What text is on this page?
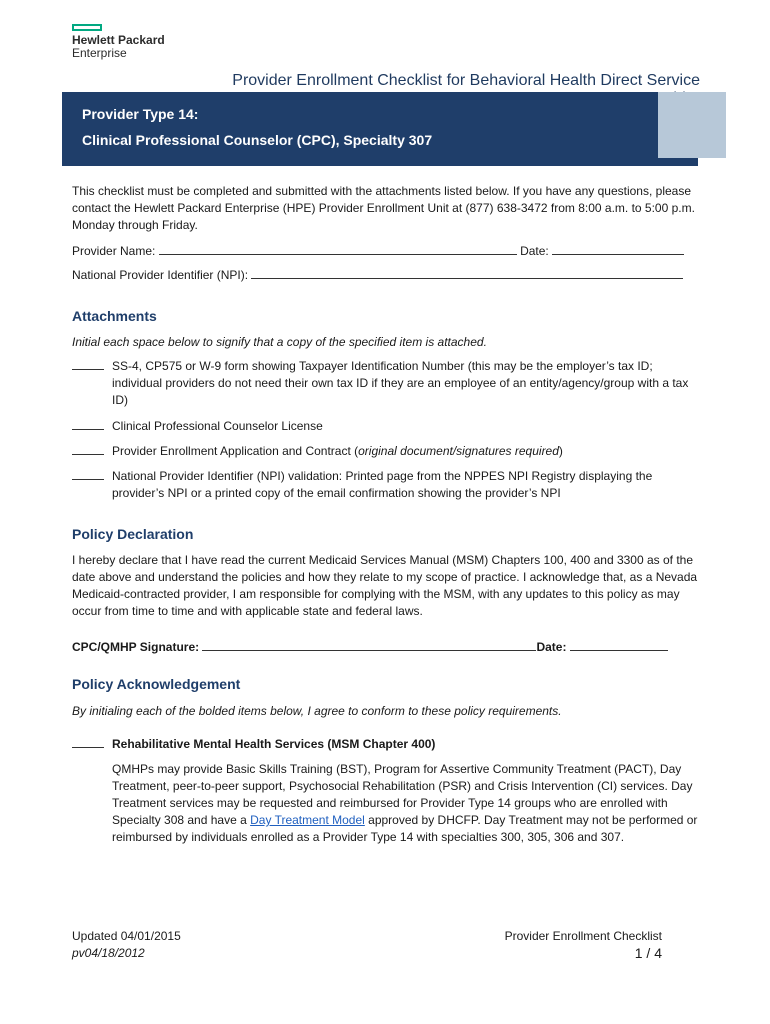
Hewlett Packard
Enterprise
Provider Enrollment Checklist for Behavioral Health Direct Service
Provider Type 14:
Clinical Professional Counselor (CPC), Specialty 307
This checklist must be completed and submitted with the attachments listed below. If you have any questions, please contact the Hewlett Packard Enterprise (HPE) Provider Enrollment Unit at (877) 638-3472 from 8:00 a.m. to 5:00 p.m. Monday through Friday.
Provider Name:	Date:
National Provider Identifier (NPI):
Attachments
Initial each space below to signify that a copy of the specified item is attached.
SS-4, CP575 or W-9 form showing Taxpayer Identification Number (this may be the employer’s tax ID; individual providers do not need their own tax ID if they are an employee of an entity/agency/group with a tax ID)
Clinical Professional Counselor License
Provider Enrollment Application and Contract (original document/signatures required)
National Provider Identifier (NPI) validation: Printed page from the NPPES NPI Registry displaying the provider’s NPI or a printed copy of the email confirmation showing the provider’s NPI
Policy Declaration
I hereby declare that I have read the current Medicaid Services Manual (MSM) Chapters 100, 400 and 3300 as of the date above and understand the policies and how they relate to my scope of practice. I acknowledge that, as a Nevada Medicaid-contracted provider, I am responsible for complying with the MSM, with any updates to this policy as may occur from time to time and with applicable state and federal laws.
CPC/QMHP Signature:	Date:
Policy Acknowledgement
By initialing each of the bolded items below, I agree to conform to these policy requirements.
Rehabilitative Mental Health Services (MSM Chapter 400)
QMHPs may provide Basic Skills Training (BST), Program for Assertive Community Treatment (PACT), Day Treatment, peer-to-peer support, Psychosocial Rehabilitation (PSR) and Crisis Intervention (CI) services. Day Treatment services may be requested and reimbursed for Provider Type 14 groups who are enrolled with Specialty 308 and have a Day Treatment Model approved by DHCFP. Day Treatment may not be performed or reimbursed by individuals enrolled as a Provider Type 14 with specialties 300, 305, 306 and 307.
Updated 04/01/2015
pv04/18/2012
Provider Enrollment Checklist
1 / 4
